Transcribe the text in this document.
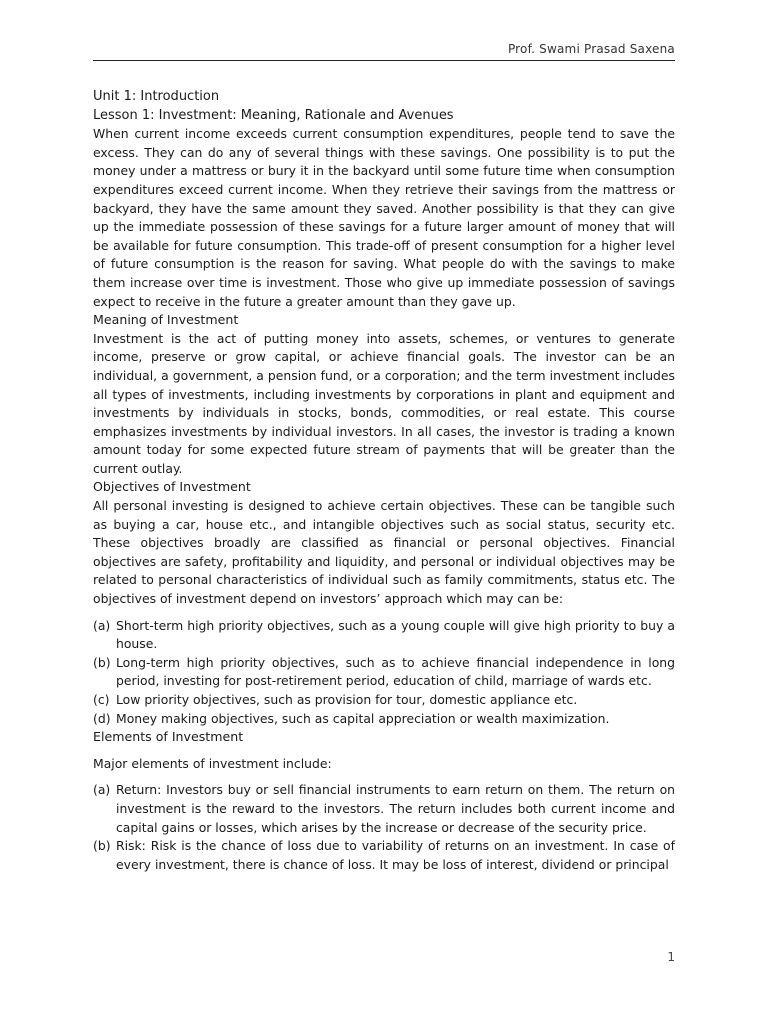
Prof. Swami Prasad Saxena

Unit 1: Introduction

Lesson 1: Investment: Meaning, Rationale and Avenues

When current income exceeds current consumption expenditures, people tend to save the excess. They can do any of several things with these savings. One possibility is to put the money under a mattress or bury it in the backyard until some future time when consumption expenditures exceed current income. When they retrieve their savings from the mattress or backyard, they have the same amount they saved. Another possibility is that they can give up the immediate possession of these savings for a future larger amount of money that will be available for future consumption. This trade-off of present consumption for a higher level of future consumption is the reason for saving. What people do with the savings to make them increase over time is investment. Those who give up immediate possession of savings expect to receive in the future a greater amount than they gave up.

Meaning of Investment

Investment is the act of putting money into assets, schemes, or ventures to generate income, preserve or grow capital, or achieve financial goals. The investor can be an individual, a government, a pension fund, or a corporation; and the term investment includes all types of investments, including investments by corporations in plant and equipment and investments by individuals in stocks, bonds, commodities, or real estate. This course emphasizes investments by individual investors. In all cases, the investor is trading a known amount today for some expected future stream of payments that will be greater than the current outlay.

Objectives of Investment

All personal investing is designed to achieve certain objectives. These can be tangible such as buying a car, house etc., and intangible objectives such as social status, security etc. These objectives broadly are classified as financial or personal objectives. Financial objectives are safety, profitability and liquidity, and personal or individual objectives may be related to personal characteristics of individual such as family commitments, status etc. The objectives of investment depend on investors’ approach which may can be:

(a) Short-term high priority objectives, such as a young couple will give high priority to buy a house.
(b) Long-term high priority objectives, such as to achieve financial independence in long period, investing for post-retirement period, education of child, marriage of wards etc.
(c) Low priority objectives, such as provision for tour, domestic appliance etc.
(d) Money making objectives, such as capital appreciation or wealth maximization.

Elements of Investment

Major elements of investment include:

(a) Return: Investors buy or sell financial instruments to earn return on them. The return on investment is the reward to the investors. The return includes both current income and capital gains or losses, which arises by the increase or decrease of the security price.
(b) Risk: Risk is the chance of loss due to variability of returns on an investment. In case of every investment, there is chance of loss. It may be loss of interest, dividend or principal
1
